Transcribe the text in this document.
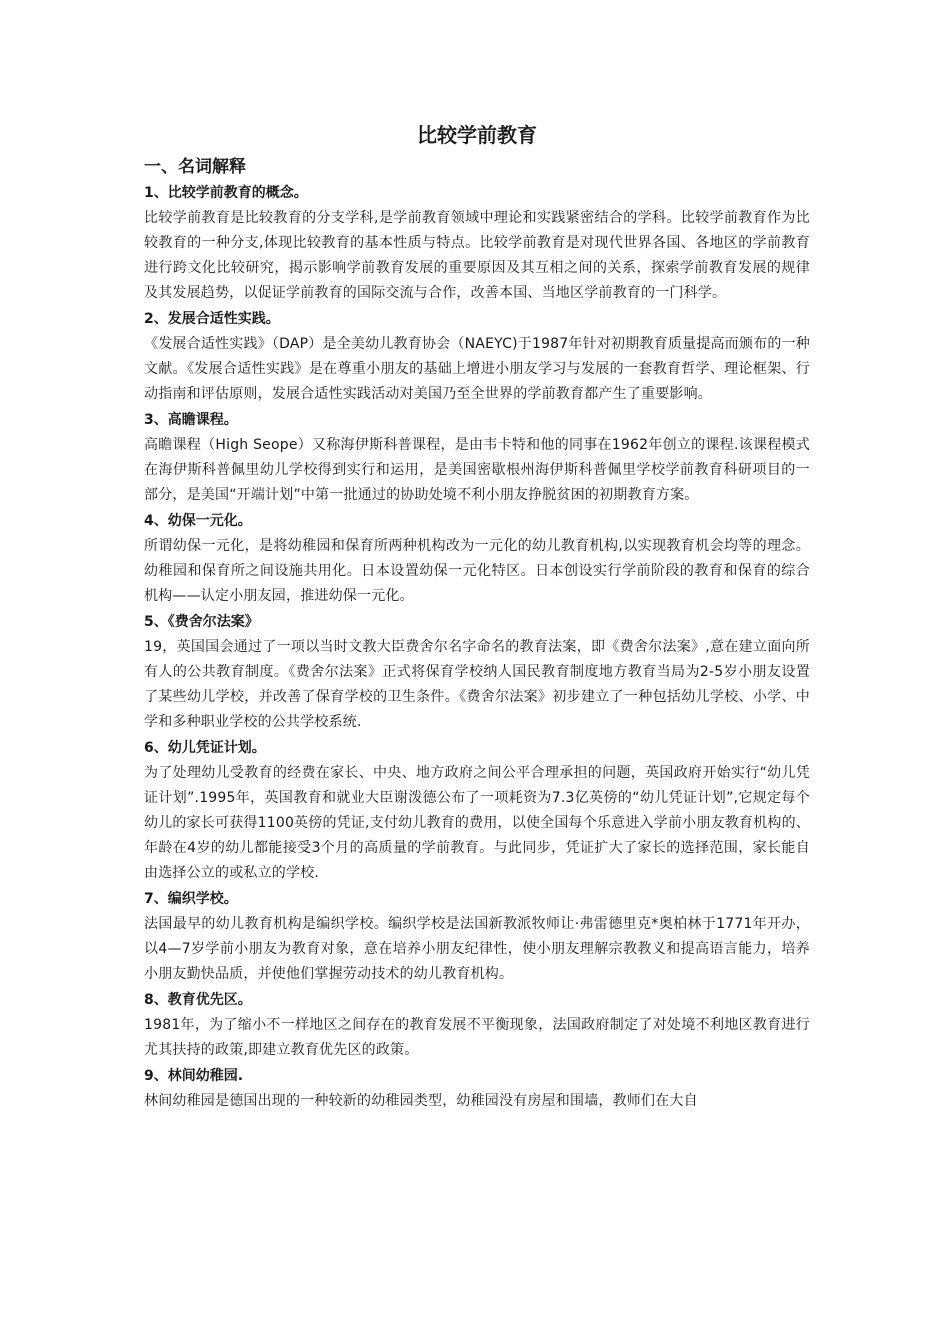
比较学前教育
一、名词解释

1、比较学前教育的概念。

比较学前教育是比较教育的分支学科,是学前教育领域中理论和实践紧密结合的学科。比较学前教育作为比较教育的一种分支,体现比较教育的基本性质与特点。比较学前教育是对现代世界各国、各地区的学前教育进行跨文化比较研究，揭示影响学前教育发展的重要原因及其互相之间的关系，探索学前教育发展的规律及其发展趋势，以促证学前教育的国际交流与合作，改善本国、当地区学前教育的一门科学。

2、发展合适性实践。

《发展合适性实践》（DAP）是全美幼儿教育协会（NAEYC)于1987年针对初期教育质量提高而颁布的一种文献。《发展合适性实践》是在尊重小朋友的基础上增进小朋友学习与发展的一套教育哲学、理论框架、行动指南和评估原则，发展合适性实践活动对美国乃至全世界的学前教育都产生了重要影响。

3、高瞻课程。

高瞻课程（High Seope）又称海伊斯科普课程，是由韦卡特和他的同事在1962年创立的课程.该课程模式在海伊斯科普佩里幼儿学校得到实行和运用，是美国密歇根州海伊斯科普佩里学校学前教育科研项目的一部分，是美国“开端计划”中第一批通过的协助处境不利小朋友挣脱贫困的初期教育方案。

4、幼保一元化。

所谓幼保一元化，是将幼稚园和保育所两种机构改为一元化的幼儿教育机构,以实现教育机会均等的理念。幼稚园和保育所之间设施共用化。日本设置幼保一元化特区。日本创设实行学前阶段的教育和保育的综合机构——认定小朋友园，推进幼保一元化。

5、《费舍尔法案》

19，英国国会通过了一项以当时文教大臣费舍尔名字命名的教育法案，即《费舍尔法案》,意在建立面向所有人的公共教育制度。《费舍尔法案》正式将保育学校纳人国民教育制度地方教育当局为2-5岁小朋友设置了某些幼儿学校，并改善了保育学校的卫生条件。《费舍尔法案》初步建立了一种包括幼儿学校、小学、中学和多种职业学校的公共学校系统.

6、幼儿凭证计划。

为了处理幼儿受教育的经费在家长、中央、地方政府之间公平合理承担的问题，英国政府开始实行“幼儿凭证计划”.1995年，英国教育和就业大臣谢泼德公布了一项耗资为7.3亿英傍的“幼儿凭证计划”,它规定每个幼儿的家长可获得1100英傍的凭证,支付幼儿教育的费用，以使全国每个乐意进入学前小朋友教育机构的、年龄在4岁的幼儿都能接受3个月的高质量的学前教育。与此同步，凭证扩大了家长的选择范围，家长能自由选择公立的或私立的学校.

7、编织学校。

法国最早的幼儿教育机构是编织学校。编织学校是法国新教派牧师让·弗雷德里克*奥柏林于1771年开办，以4—7岁学前小朋友为教育对象，意在培养小朋友纪律性，使小朋友理解宗教教义和提高语言能力，培养小朋友勤快品质，并使他们掌握劳动技术的幼儿教育机构。

8、教育优先区。

1981年，为了缩小不一样地区之间存在的教育发展不平衡现象，法国政府制定了对处境不利地区教育进行尤其扶持的政策,即建立教育优先区的政策。

9、林间幼稚园.

林间幼稚园是德国出现的一种较新的幼稚园类型，幼稚园没有房屋和围墙，教师们在大自
